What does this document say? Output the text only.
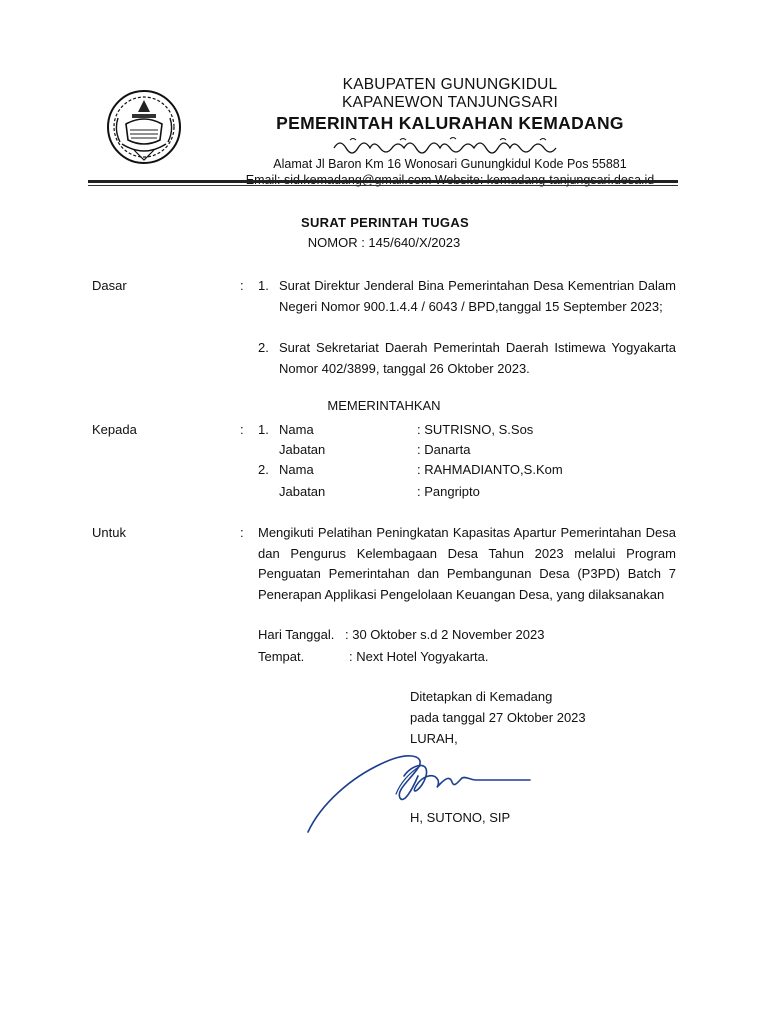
KABUPATEN GUNUNGKIDUL
KAPANEWON TANJUNGSARI
PEMERINTAH KALURAHAN KEMADANG
Alamat Jl Baron Km 16 Wonosari Gunungkidul Kode Pos 55881
SURAT PERINTAH TUGAS
NOMOR : 145/640/X/2023
Dasar	: 1. Surat Direktur Jenderal Bina Pemerintahan Desa Kementrian Dalam Negeri Nomor 900.1.4.4 / 6043 / BPD,tanggal 15 September 2023;
2. Surat Sekretariat Daerah Pemerintah Daerah Istimewa Yogyakarta Nomor 402/3899, tanggal 26 Oktober 2023.
MEMERINTAHKAN
Kepada	: 1. Nama	: SUTRISNO, S.Sos
Jabatan	: Danarta
2. Nama	: RAHMADIANTO,S.Kom
Jabatan	: Pangripto
Untuk	: Mengikuti Pelatihan Peningkatan Kapasitas Apartur Pemerintahan Desa dan Pengurus Kelembagaan Desa Tahun 2023 melalui Program Penguatan Pemerintahan dan Pembangunan Desa (P3PD) Batch 7 Penerapan Applikasi Pengelolaan Keuangan Desa, yang dilaksanakan
Hari Tanggal. : 30 Oktober s.d 2 November 2023
Tempat.	: Next Hotel Yogyakarta.
Ditetapkan di Kemadang
pada tanggal 27 Oktober 2023
LURAH,
H, SUTONO, SIP
